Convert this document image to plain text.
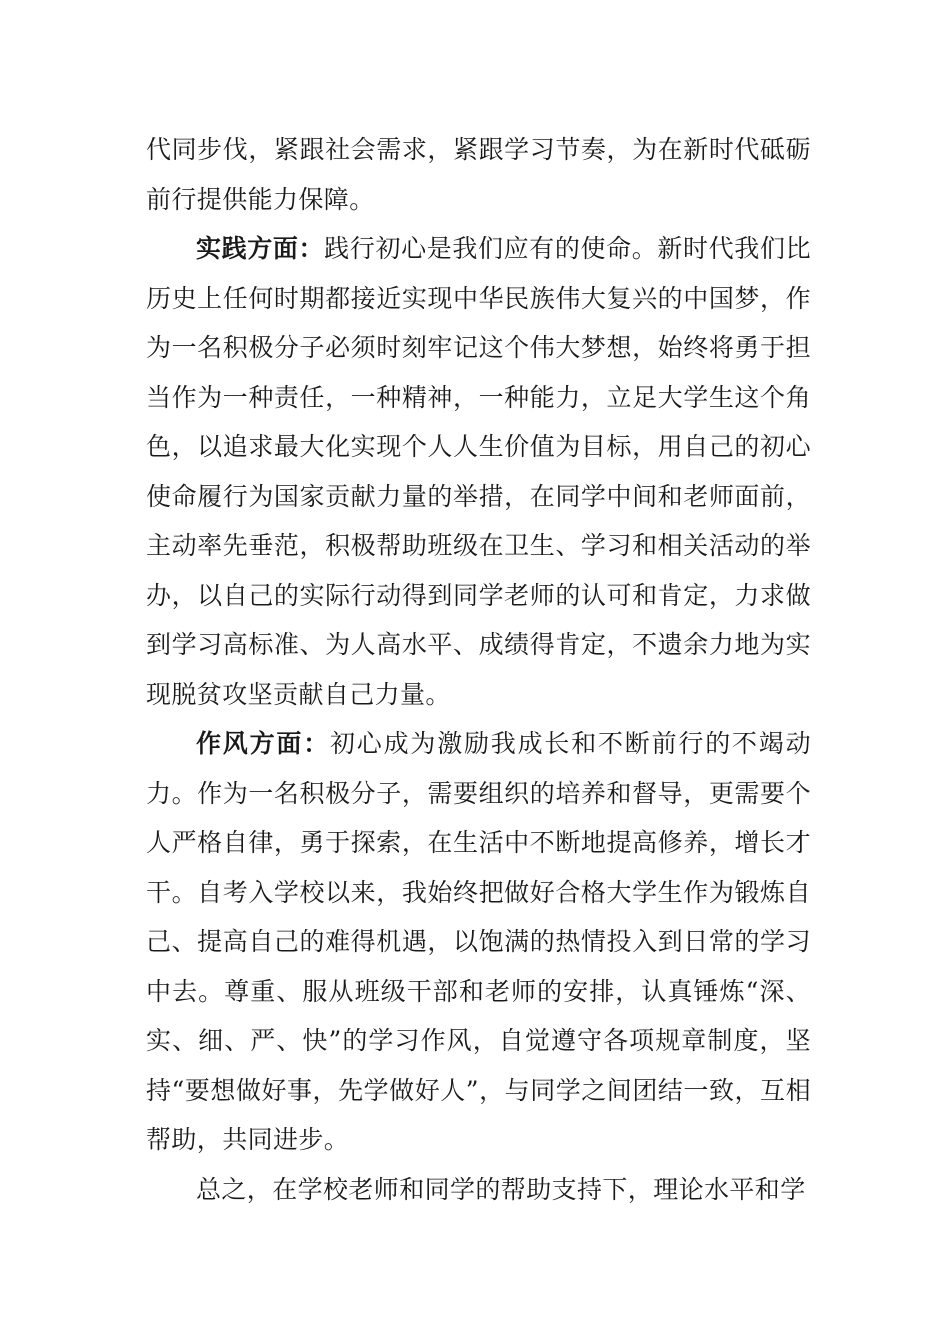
代同步伐，紧跟社会需求，紧跟学习节奏，为在新时代砥砺前行提供能力保障。

实践方面：践行初心是我们应有的使命。新时代我们比历史上任何时期都接近实现中华民族伟大复兴的中国梦，作为一名积极分子必须时刻牢记这个伟大梦想，始终将勇于担当作为一种责任，一种精神，一种能力，立足大学生这个角色，以追求最大化实现个人人生价值为目标，用自己的初心使命履行为国家贡献力量的举措，在同学中间和老师面前，主动率先垂范，积极帮助班级在卫生、学习和相关活动的举办，以自己的实际行动得到同学老师的认可和肯定，力求做到学习高标准、为人高水平、成绩得肯定，不遗余力地为实现脱贫攻坚贡献自己力量。

作风方面：初心成为激励我成长和不断前行的不竭动力。作为一名积极分子，需要组织的培养和督导，更需要个人严格自律，勇于探索，在生活中不断地提高修养，增长才干。自考入学校以来，我始终把做好合格大学生作为锻炼自己、提高自己的难得机遇，以饱满的热情投入到日常的学习中去。尊重、服从班级干部和老师的安排，认真锤炼“深、实、细、严、快”的学习作风，自觉遵守各项规章制度，坚持“要想做好事，先学做好人”，与同学之间团结一致，互相帮助，共同进步。

总之，在学校老师和同学的帮助支持下，理论水平和学
